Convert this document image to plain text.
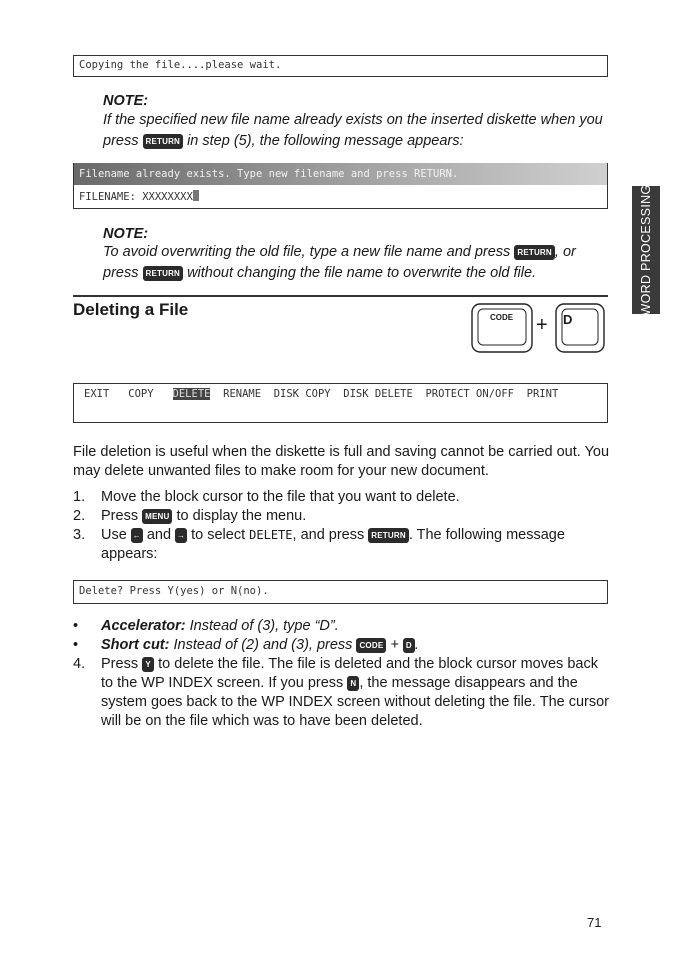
Copying the file....please wait.
NOTE:
If the specified new file name already exists on the inserted diskette when you press RETURN in step (5), the following message appears:
Filename already exists. Type new filename and press RETURN.
FILENAME: XXXXXXXX
NOTE:
To avoid overwriting the old file, type a new file name and press RETURN , or press RETURN without changing the file name to overwrite the old file.
Deleting a File	CODE + D
EXIT COPY DELETE RENAME DISK COPY DISK DELETE PROTECT ON/OFF PRINT
File deletion is useful when the diskette is full and saving cannot be carried out. You may delete unwanted files to make room for your new document.
1. Move the block cursor to the file that you want to delete.
2. Press MENU to display the menu.
3. Use ← and → to select DELETE, and press RETURN . The following message appears:
Delete? Press Y(yes) or N(no).
• Accelerator: Instead of (3), type “D”.
• Short cut: Instead of (2) and (3), press CODE + D .
4. Press Y to delete the file. The file is deleted and the block cursor moves back to the WP INDEX screen. If you press N , the message disappears and the system goes back to the WP INDEX screen without deleting the file. The cursor will be on the file which was to have been deleted.
WORD PROCESSING
71
